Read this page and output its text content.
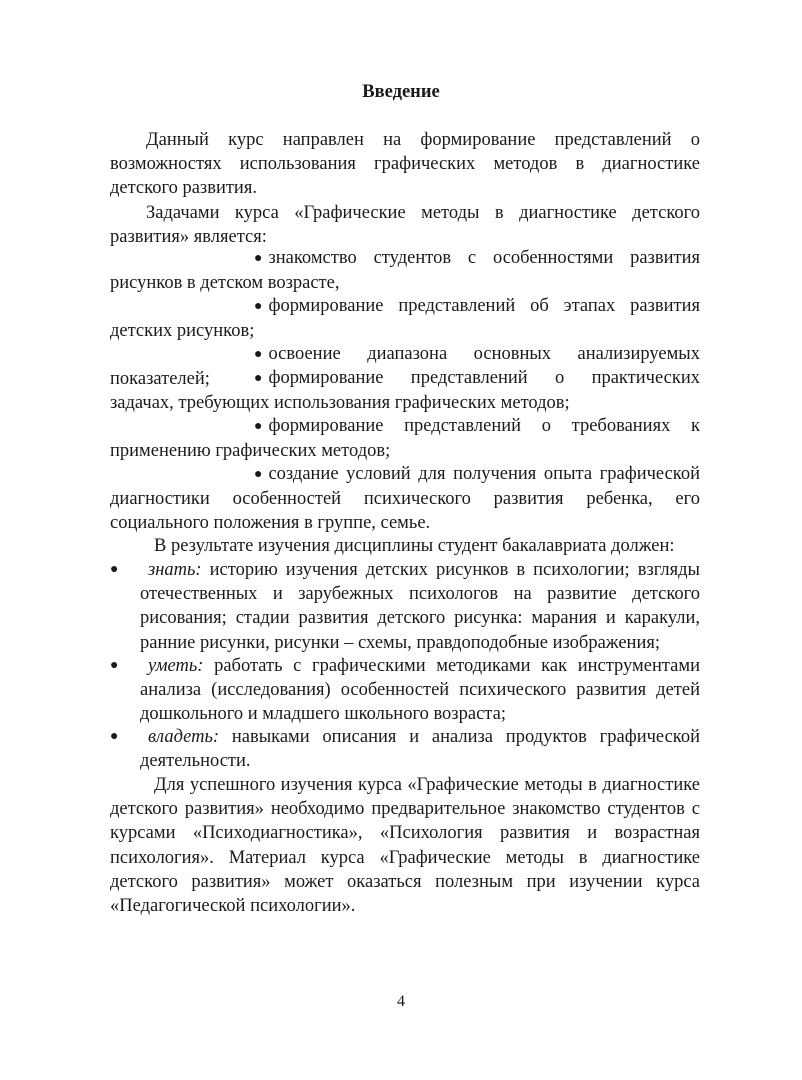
Введение
Данный курс направлен на формирование представлений о возможностях использования графических методов в диагностике детского развития.
Задачами курса «Графические методы в диагностике детского развития» является:
● знакомство студентов с особенностями развития рисунков в детском возрасте,
● формирование представлений об этапах развития детских рисунков;
● освоение диапазона основных анализируемых показателей;	● формирование представлений о практических задачах, требующих использования графических методов;
● формирование представлений о требованиях к применению графических методов;
● создание условий для получения опыта графической диагностики особенностей психического развития ребенка, его социального положения в группе, семье.
В результате изучения дисциплины студент бакалавриата должен:
●	знать: историю изучения детских рисунков в психологии; взгляды отечественных и зарубежных психологов на развитие детского рисования; стадии развития детского рисунка: марания и каракули, ранние рисунки, рисунки – схемы, правдоподобные изображения;
●	уметь: работать с графическими методиками как инструментами анализа (исследования) особенностей психического развития детей дошкольного и младшего школьного возраста;
●	владеть: навыками описания и анализа продуктов графической деятельности.
Для успешного изучения курса «Графические методы в диагностике детского развития» необходимо предварительное знакомство студентов с курсами «Психодиагностика», «Психология развития и возрастная психология». Материал курса «Графические методы в диагностике детского развития» может оказаться полезным при изучении курса «Педагогической психологии».
4
